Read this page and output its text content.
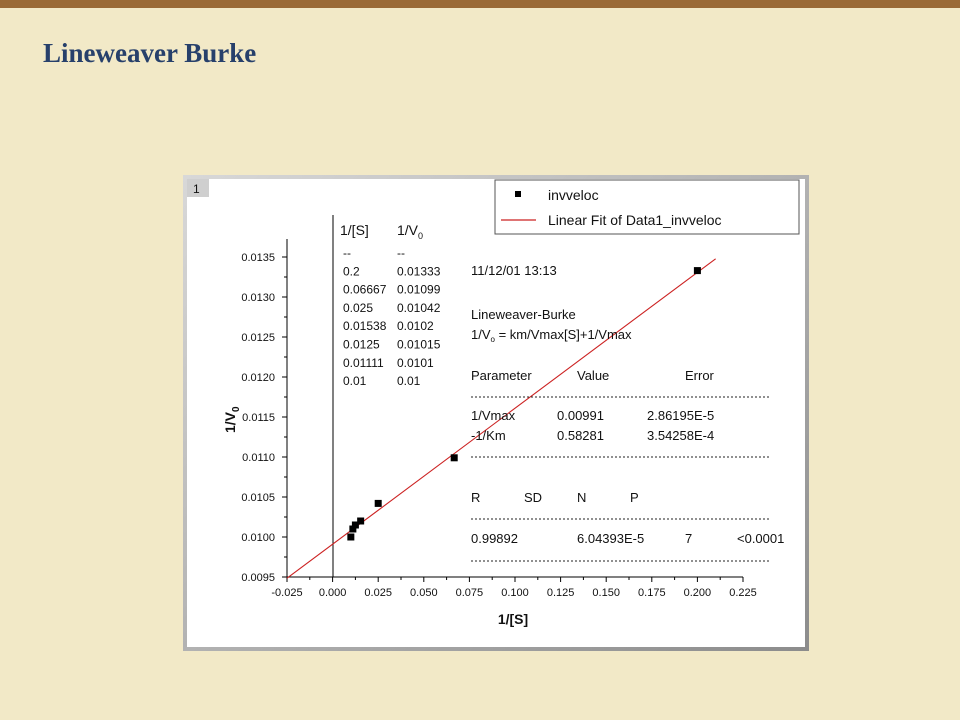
Lineweaver Burke
1	invveloc
Linear Fit of Data1_invveloc
-0.025 0.000 0.025 0.050 0.075 0.100 0.125 0.150 0.175 0.200 0.225
0.0095
0.0100
0.0105
0.0110
0.0115
0.0120
0.0125
0.0130
0.0135
1/[S]
$1/V_0$
1/[S] $1/V_0$
--	--
0.2	0.01333
0.06667 0.01099
0.025 0.01042
0.01538 0.0102
0.0125 0.01015
0.01111 0.0101
0.01	0.01
11/12/01 13:13
Lineweaver-Burke
$1/V_o = km/Vmax[S]+1/Vmax$
Parameter	Value	Error
1/Vmax	0.00991	2.86195E-5
-1/Km	0.58281	3.54258E-4
R	SD	N	P
0.99892	6.04393E-5	7	<0.0001
